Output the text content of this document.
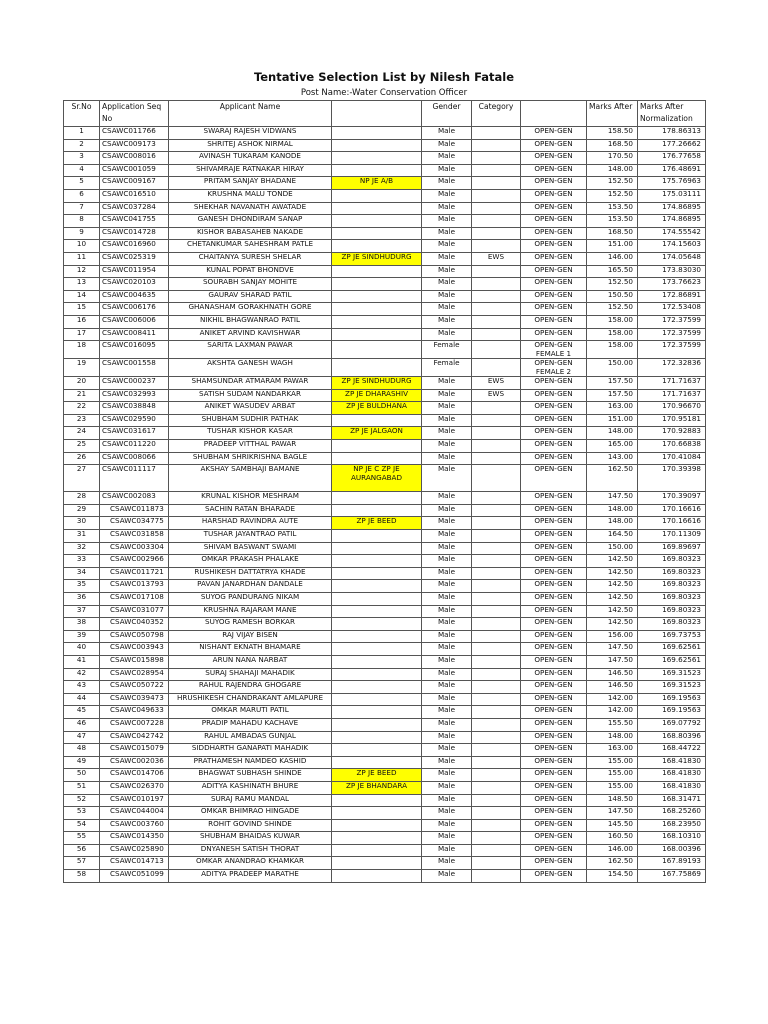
Tentative Selection List by Nilesh Fatale
Post Name:-Water Conservation Officer
Sr.No	Application Seq No	Applicant Name		Gender	Category		Marks After	Marks After Normalization
1	CSAWC011766	SWARAJ RAJESH VIDWANS		Male		OPEN-GEN	158.50	178.86313
2	CSAWC009173	SHRITEJ ASHOK NIRMAL		Male		OPEN-GEN	168.50	177.26662
3	CSAWC008016	AVINASH TUKARAM KANODE		Male		OPEN-GEN	170.50	176.77658
4	CSAWC001059	SHIVAMRAJE RATNAKAR HIRAY		Male		OPEN-GEN	148.00	176.48691
5	CSAWC009167	PRITAM SANJAY BHADANE	NP JE A/B	Male		OPEN-GEN	152.50	175.76963
6	CSAWC016510	KRUSHNA MALU TONDE		Male		OPEN-GEN	152.50	175.03111
7	CSAWC037284	SHEKHAR NAVANATH AWATADE		Male		OPEN-GEN	153.50	174.86895
8	CSAWC041755	GANESH DHONDIRAM SANAP		Male		OPEN-GEN	153.50	174.86895
9	CSAWC014728	KISHOR BABASAHEB NAKADE		Male		OPEN-GEN	168.50	174.55542
10	CSAWC016960	CHETANKUMAR SAHESHRAM PATLE		Male		OPEN-GEN	151.00	174.15603
11	CSAWC025319	CHAITANYA SURESH SHELAR	ZP JE SINDHUDURG	Male	EWS	OPEN-GEN	146.00	174.05648
12	CSAWC011954	KUNAL POPAT BHONDVE		Male		OPEN-GEN	165.50	173.83030
13	CSAWC020103	SOURABH SANJAY MOHITE		Male		OPEN-GEN	152.50	173.76623
14	CSAWC004635	GAURAV SHARAD PATIL		Male		OPEN-GEN	150.50	172.86891
15	CSAWC006176	GHANASHAM GORAKHNATH GORE		Male		OPEN-GEN	152.50	172.53408
16	CSAWC006006	NIKHIL BHAGWANRAO PATIL		Male		OPEN-GEN	158.00	172.37599
17	CSAWC008411	ANIKET ARVIND KAVISHWAR		Male		OPEN-GEN	158.00	172.37599
18	CSAWC016095	SARITA LAXMAN PAWAR		Female		OPEN-GEN FEMALE 1	158.00	172.37599
19	CSAWC001558	AKSHTA GANESH WAGH		Female		OPEN-GEN FEMALE 2	150.00	172.32836
20	CSAWC000237	SHAMSUNDAR ATMARAM PAWAR	ZP JE SINDHUDURG	Male	EWS	OPEN-GEN	157.50	171.71637
21	CSAWC032993	SATISH SUDAM NANDARKAR	ZP JE DHARASHIV	Male	EWS	OPEN-GEN	157.50	171.71637
22	CSAWC038848	ANIKET WASUDEV ARBAT	ZP JE BULDHANA	Male		OPEN-GEN	163.00	170.96670
23	CSAWC029590	SHUBHAM SUDHIR PATHAK		Male		OPEN-GEN	151.00	170.95181
24	CSAWC031617	TUSHAR KISHOR KASAR	ZP JE JALGAON	Male		OPEN-GEN	148.00	170.92883
25	CSAWC011220	PRADEEP VITTHAL PAWAR		Male		OPEN-GEN	165.00	170.66838
26	CSAWC008066	SHUBHAM SHRIKRISHNA BAGLE		Male		OPEN-GEN	143.00	170.41084
27	CSAWC011117	AKSHAY SAMBHAJI BAMANE	NP JE C ZP JE AURANGABAD	Male		OPEN-GEN	162.50	170.39398
28	CSAWC002083	KRUNAL KISHOR MESHRAM		Male		OPEN-GEN	147.50	170.39097
29	CSAWC011873	SACHIN RATAN BHARADE		Male		OPEN-GEN	148.00	170.16616
30	CSAWC034775	HARSHAD RAVINDRA AUTE	ZP JE BEED	Male		OPEN-GEN	148.00	170.16616
31	CSAWC031858	TUSHAR JAYANTRAO PATIL		Male		OPEN-GEN	164.50	170.11309
32	CSAWC003304	SHIVAM BASWANT SWAMI		Male		OPEN-GEN	150.00	169.89697
33	CSAWC002966	OMKAR PRAKASH PHALAKE		Male		OPEN-GEN	142.50	169.80323
34	CSAWC011721	RUSHIKESH DATTATRYA KHADE		Male		OPEN-GEN	142.50	169.80323
35	CSAWC013793	PAVAN JANARDHAN DANDALE		Male		OPEN-GEN	142.50	169.80323
36	CSAWC017108	SUYOG PANDURANG NIKAM		Male		OPEN-GEN	142.50	169.80323
37	CSAWC031077	KRUSHNA RAJARAM MANE		Male		OPEN-GEN	142.50	169.80323
38	CSAWC040352	SUYOG RAMESH BORKAR		Male		OPEN-GEN	142.50	169.80323
39	CSAWC050798	RAJ VIJAY BISEN		Male		OPEN-GEN	156.00	169.73753
40	CSAWC003943	NISHANT EKNATH BHAMARE		Male		OPEN-GEN	147.50	169.62561
41	CSAWC015898	ARUN NANA NARBAT		Male		OPEN-GEN	147.50	169.62561
42	CSAWC028954	SURAJ SHAHAJI MAHADIK		Male		OPEN-GEN	146.50	169.31523
43	CSAWC050722	RAHUL RAJENDRA GHOGARE		Male		OPEN-GEN	146.50	169.31523
44	CSAWC039473	HRUSHIKESH CHANDRAKANT AMLAPURE		Male		OPEN-GEN	142.00	169.19563
45	CSAWC049633	OMKAR MARUTI PATIL		Male		OPEN-GEN	142.00	169.19563
46	CSAWC007228	PRADIP MAHADU KACHAVE		Male		OPEN-GEN	155.50	169.07792
47	CSAWC042742	RAHUL AMBADAS GUNJAL		Male		OPEN-GEN	148.00	168.80396
48	CSAWC015079	SIDDHARTH GANAPATI MAHADIK		Male		OPEN-GEN	163.00	168.44722
49	CSAWC002036	PRATHAMESH NAMDEO KASHID		Male		OPEN-GEN	155.00	168.41830
50	CSAWC014706	BHAGWAT SUBHASH SHINDE	ZP JE BEED	Male		OPEN-GEN	155.00	168.41830
51	CSAWC026370	ADITYA KASHINATH BHURE	ZP JE BHANDARA	Male		OPEN-GEN	155.00	168.41830
52	CSAWC010197	SURAJ RAMU MANDAL		Male		OPEN-GEN	148.50	168.31471
53	CSAWC044004	OMKAR BHIMRAO HINGADE		Male		OPEN-GEN	147.50	168.25260
54	CSAWC003760	ROHIT GOVIND SHINDE		Male		OPEN-GEN	145.50	168.23950
55	CSAWC014350	SHUBHAM BHAIDAS KUWAR		Male		OPEN-GEN	160.50	168.10310
56	CSAWC025890	DNYANESH SATISH THORAT		Male		OPEN-GEN	146.00	168.00396
57	CSAWC014713	OMKAR ANANDRAO KHAMKAR		Male		OPEN-GEN	162.50	167.89193
58	CSAWC051099	ADITYA PRADEEP MARATHE		Male		OPEN-GEN	154.50	167.75869
